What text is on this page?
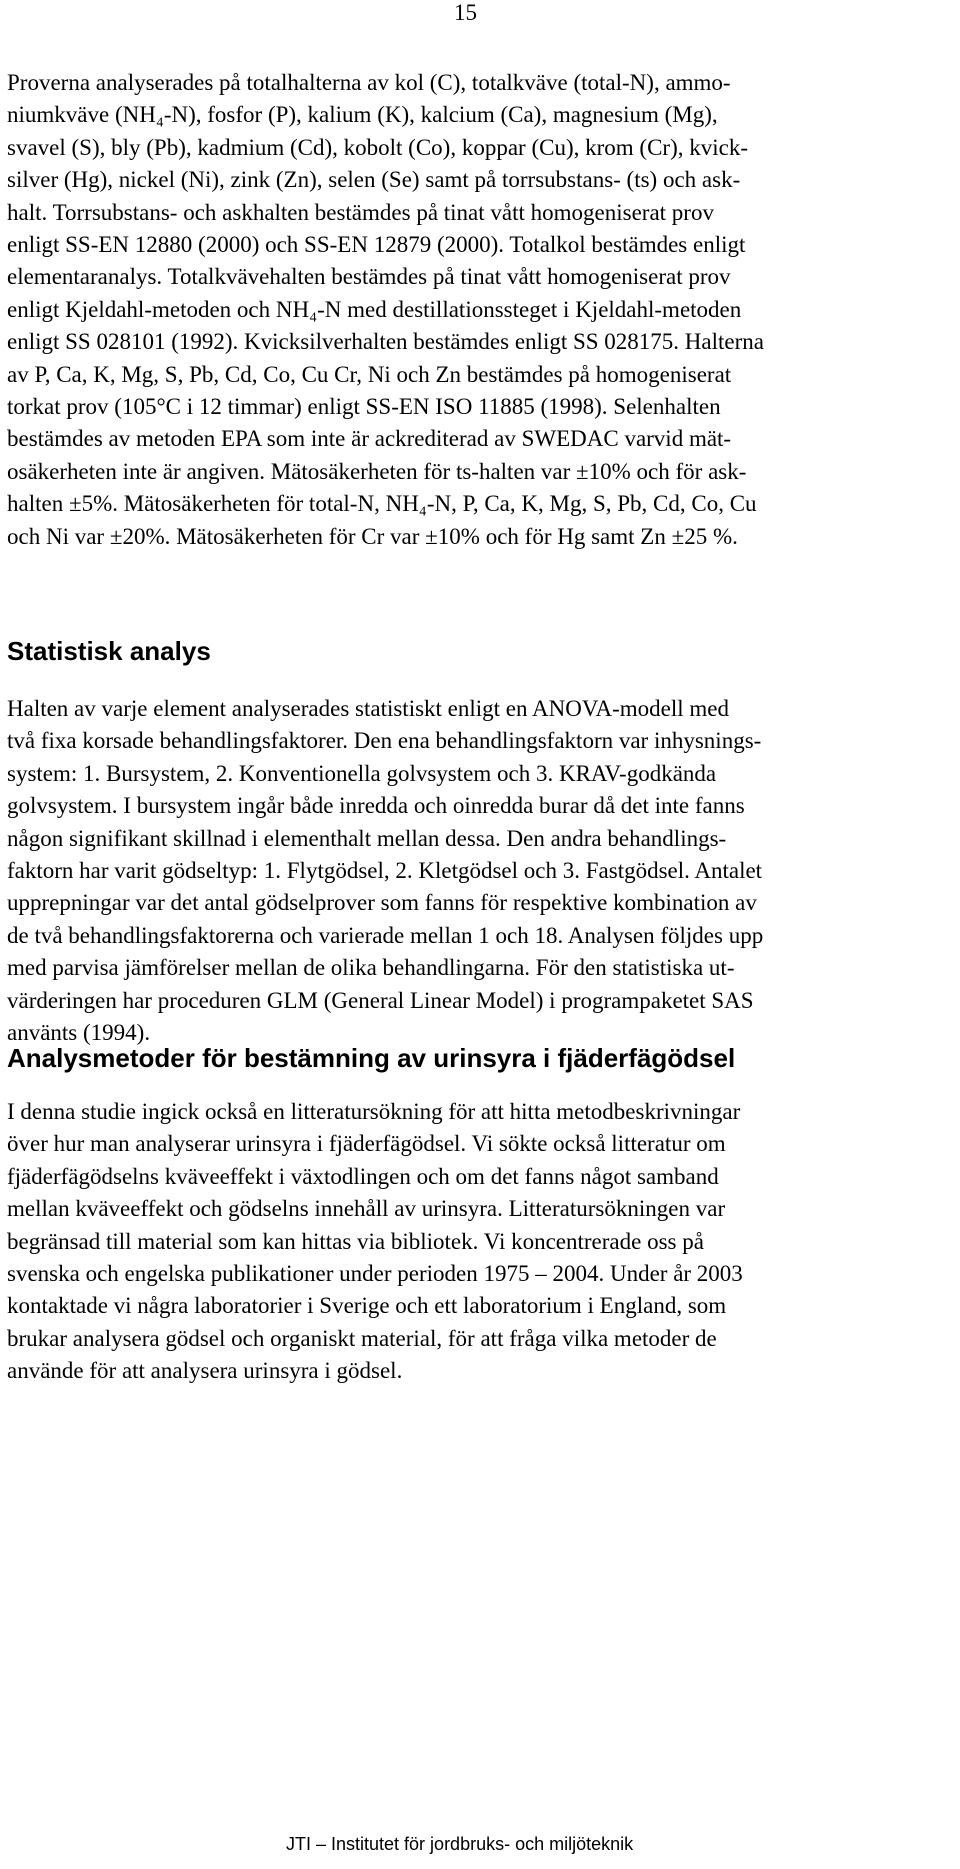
15

Proverna analyserades på totalhalterna av kol (C), totalkväve (total-N), ammo-
niumkväve (NH₄-N), fosfor (P), kalium (K), kalcium (Ca), magnesium (Mg),
svavel (S), bly (Pb), kadmium (Cd), kobolt (Co), koppar (Cu), krom (Cr), kvick-
silver (Hg), nickel (Ni), zink (Zn), selen (Se) samt på torrsubstans- (ts) och ask-
halt. Torrsubstans- och askhalten bestämdes på tinat vått homogeniserat prov
enligt SS-EN 12880 (2000) och SS-EN 12879 (2000). Totalkol bestämdes enligt
elementaranalys. Totalkvävehalten bestämdes på tinat vått homogeniserat prov
enligt Kjeldahl-metoden och NH₄-N med destillationssteget i Kjeldahl-metoden
enligt SS 028101 (1992). Kvicksilverhalten bestämdes enligt SS 028175. Halterna
av P, Ca, K, Mg, S, Pb, Cd, Co, Cu Cr, Ni och Zn bestämdes på homogeniserat
torkat prov (105°C i 12 timmar) enligt SS-EN ISO 11885 (1998). Selenhalten
bestämdes av metoden EPA som inte är ackrediterad av SWEDAC varvid mät-
osäkerheten inte är angiven. Mätosäkerheten för ts-halten var ±10% och för ask-
halten ±5%. Mätosäkerheten för total-N, NH₄-N, P, Ca, K, Mg, S, Pb, Cd, Co, Cu
och Ni var ±20%. Mätosäkerheten för Cr var ±10% och för Hg samt Zn ±25 %.

Statistisk analys

Halten av varje element analyserades statistiskt enligt en ANOVA-modell med
två fixa korsade behandlingsfaktorer. Den ena behandlingsfaktorn var inhysnings-
system: 1. Bursystem, 2. Konventionella golvsystem och 3. KRAV-godkända
golvsystem. I bursystem ingår både inredda och oinredda burar då det inte fanns
någon signifikant skillnad i elementhalt mellan dessa. Den andra behandlings-
faktorn har varit gödseltyp: 1. Flytgödsel, 2. Kletgödsel och 3. Fastgödsel. Antalet
upprepningar var det antal gödselprover som fanns för respektive kombination av
de två behandlingsfaktorerna och varierade mellan 1 och 18. Analysen följdes upp
med parvisa jämförelser mellan de olika behandlingarna. För den statistiska ut-
värderingen har proceduren GLM (General Linear Model) i programpaketet SAS
använts (1994).

Analysmetoder för bestämning av urinsyra i fjäderfägödsel

I denna studie ingick också en litteratursökning för att hitta metodbeskrivningar
över hur man analyserar urinsyra i fjäderfägödsel. Vi sökte också litteratur om
fjäderfägödselns kväveeffekt i växtodlingen och om det fanns något samband
mellan kväveeffekt och gödselns innehåll av urinsyra. Litteratursökningen var
begränsad till material som kan hittas via bibliotek. Vi koncentrerade oss på
svenska och engelska publikationer under perioden 1975 – 2004. Under år 2003
kontaktade vi några laboratorier i Sverige och ett laboratorium i England, som
brukar analysera gödsel och organiskt material, för att fråga vilka metoder de
använde för att analysera urinsyra i gödsel.

JTI – Institutet för jordbruks- och miljöteknik
